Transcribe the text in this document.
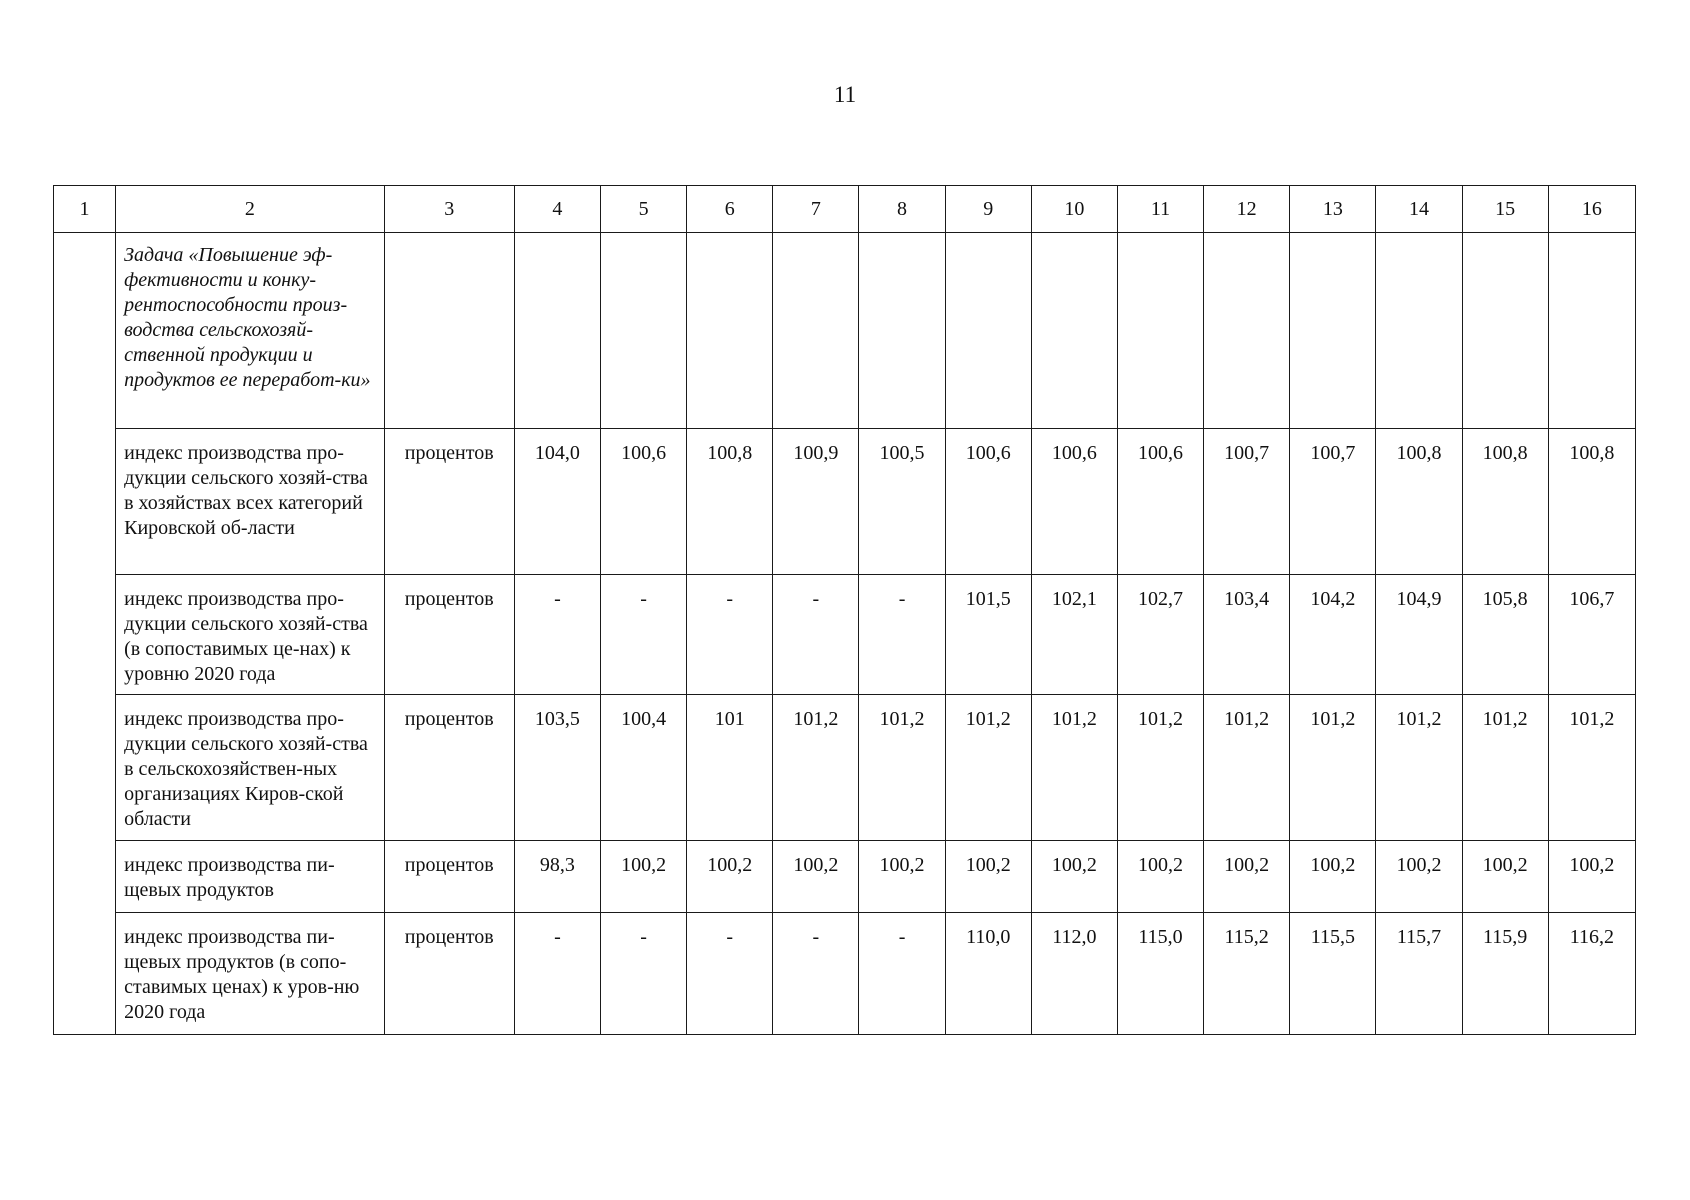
11
1	2	3	4	5	6	7	8	9	10	11	12	13	14	15	16

	Задача «Повышение эф-фективности и конку-рентоспособности произ-водства сельскохозяй-ственной продукции и продуктов ее переработ-ки»														

	индекс производства про-дукции сельского хозяй-ства в хозяйствах всех категорий Кировской об-ласти	процентов	104,0	100,6	100,8	100,9	100,5	100,6	100,6	100,6	100,7	100,7	100,8	100,8	100,8

	индекс производства про-дукции сельского хозяй-ства (в сопоставимых це-нах) к уровню 2020 года	процентов	-	-	-	-	-	101,5	102,1	102,7	103,4	104,2	104,9	105,8	106,7

	индекс производства про-дукции сельского хозяй-ства в сельскохозяйствен-ных организациях Киров-ской области	процентов	103,5	100,4	101	101,2	101,2	101,2	101,2	101,2	101,2	101,2	101,2	101,2	101,2

	индекс производства пи-щевых продуктов	процентов	98,3	100,2	100,2	100,2	100,2	100,2	100,2	100,2	100,2	100,2	100,2	100,2	100,2

	индекс производства пи-щевых продуктов (в сопо-ставимых ценах) к уров-ню 2020 года	процентов	-	-	-	-	-	110,0	112,0	115,0	115,2	115,5	115,7	115,9	116,2
